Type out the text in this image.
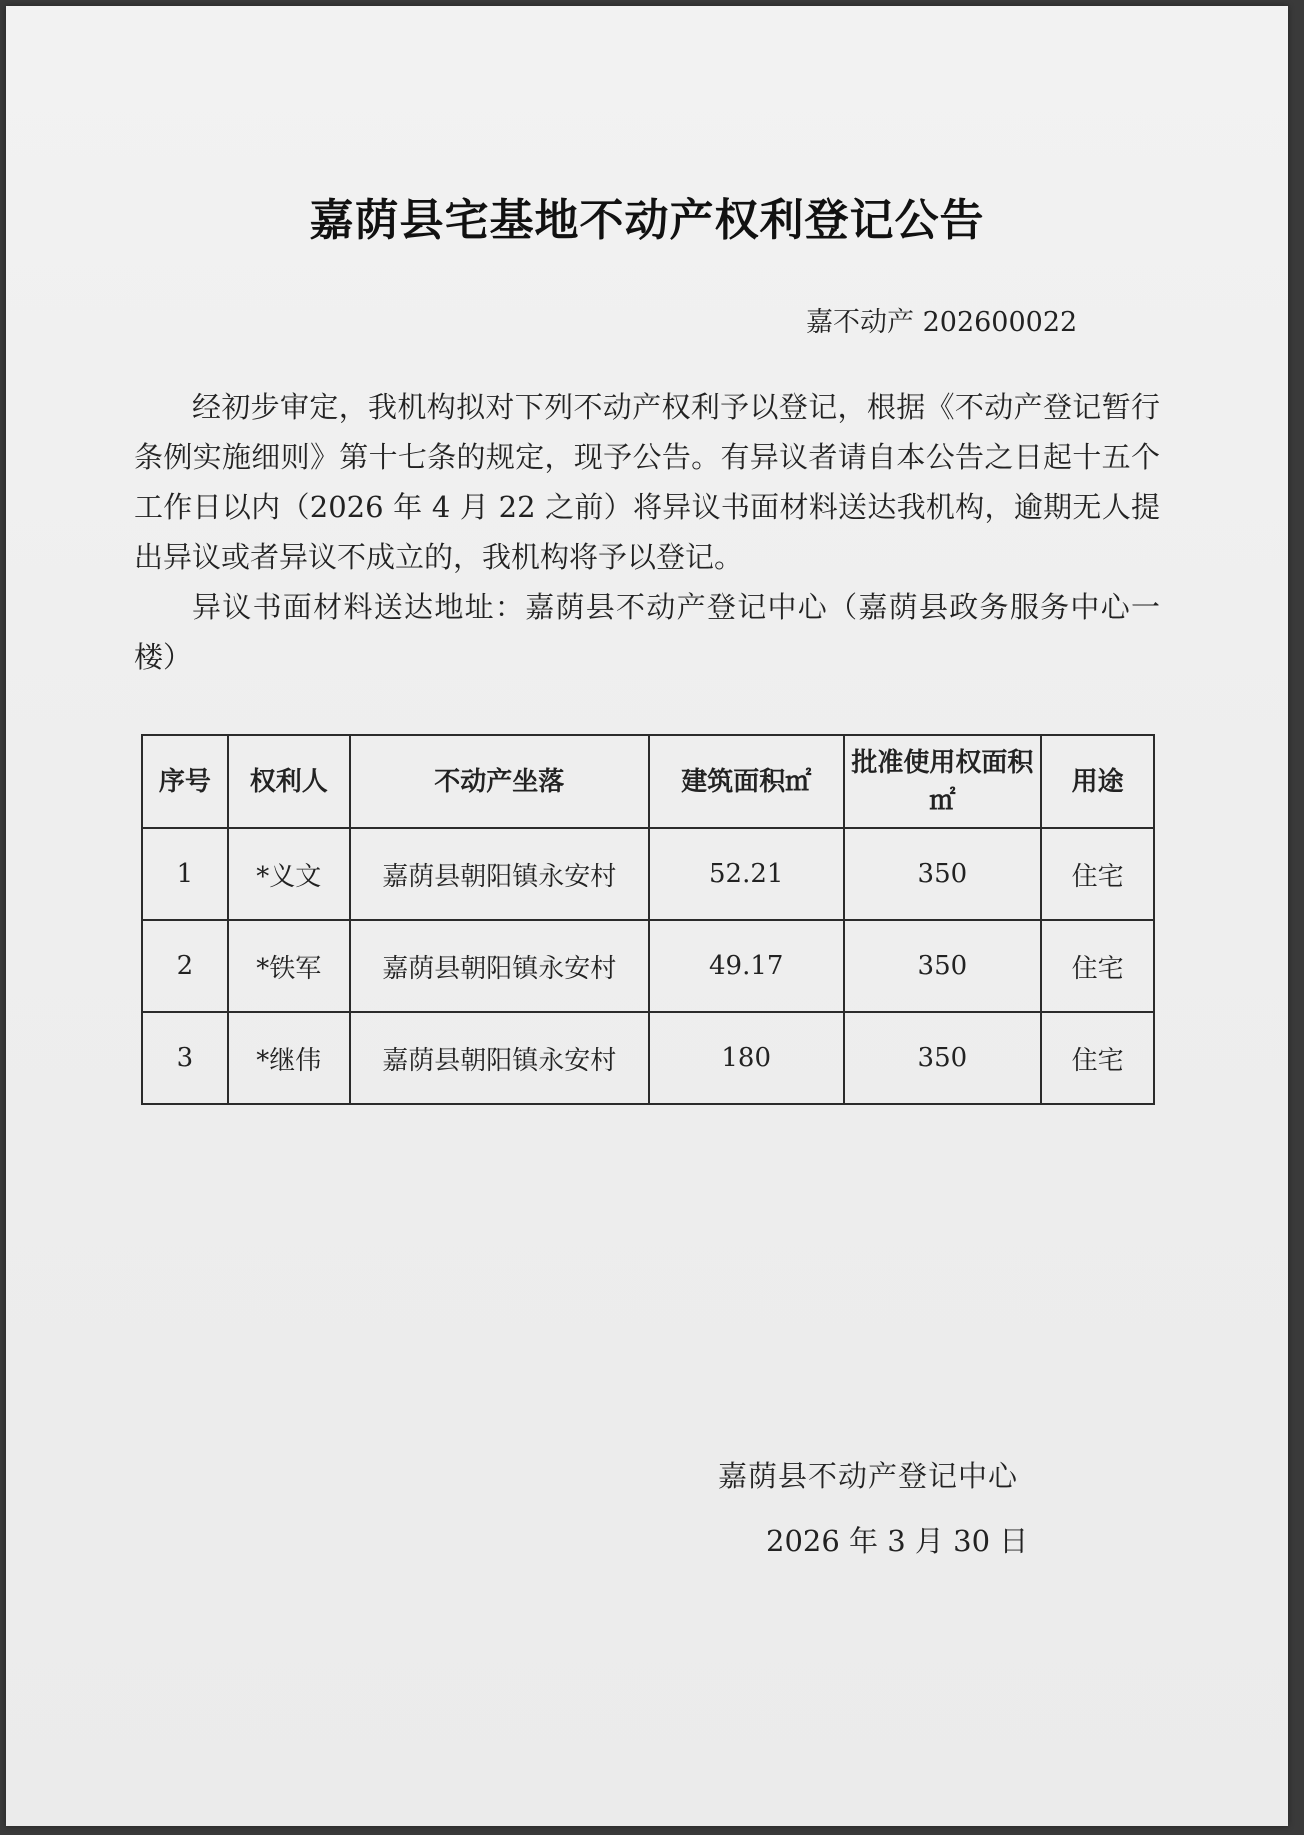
嘉荫县宅基地不动产权利登记公告
嘉不动产 202600022

经初步审定，我机构拟对下列不动产权利予以登记，根据《不动产登记暂行条例实施细则》第十七条的规定，现予公告。有异议者请自本公告之日起十五个工作日以内（2026 年 4 月 22 之前）将异议书面材料送达我机构，逾期无人提出异议或者异议不成立的，我机构将予以登记。

异议书面材料送达地址：嘉荫县不动产登记中心（嘉荫县政务服务中心一楼）

序号	权利人	不动产坐落	建筑面积㎡	批准使用权面积㎡	用途
1	*义文	嘉荫县朝阳镇永安村	52.21	350	住宅
2	*铁军	嘉荫县朝阳镇永安村	49.17	350	住宅
3	*继伟	嘉荫县朝阳镇永安村	180	350	住宅
嘉荫县不动产登记中心
2026 年 3 月 30 日
